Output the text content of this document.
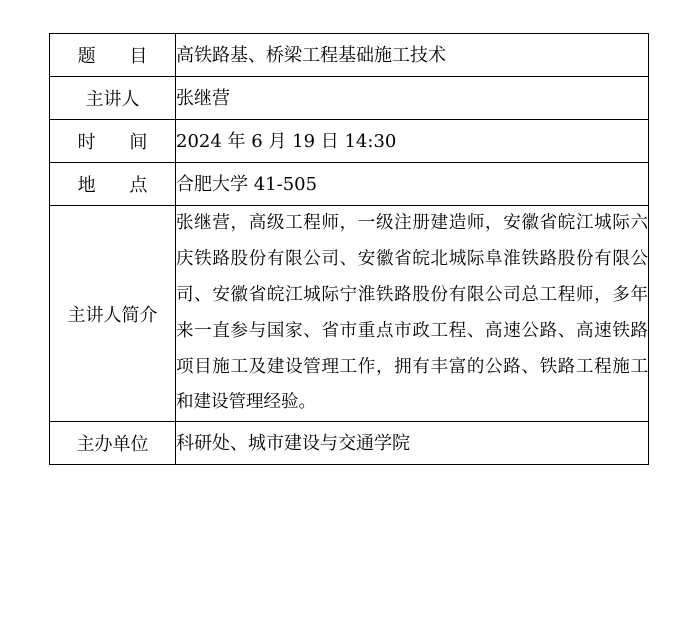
题 目	高铁路基、桥梁工程基础施工技术
主讲人	张继营
时 间	2024 年 6 月 19 日 14:30
地 点	合肥大学 41-505
主讲人简介	张继营，高级工程师，一级注册建造师，安徽省皖江城际六庆铁路股份有限公司、安徽省皖北城际阜淮铁路股份有限公司、安徽省皖江城际宁淮铁路股份有限公司总工程师，多年来一直参与国家、省市重点市政工程、高速公路、高速铁路项目施工及建设管理工作，拥有丰富的公路、铁路工程施工和建设管理经验。
主办单位	科研处、城市建设与交通学院
